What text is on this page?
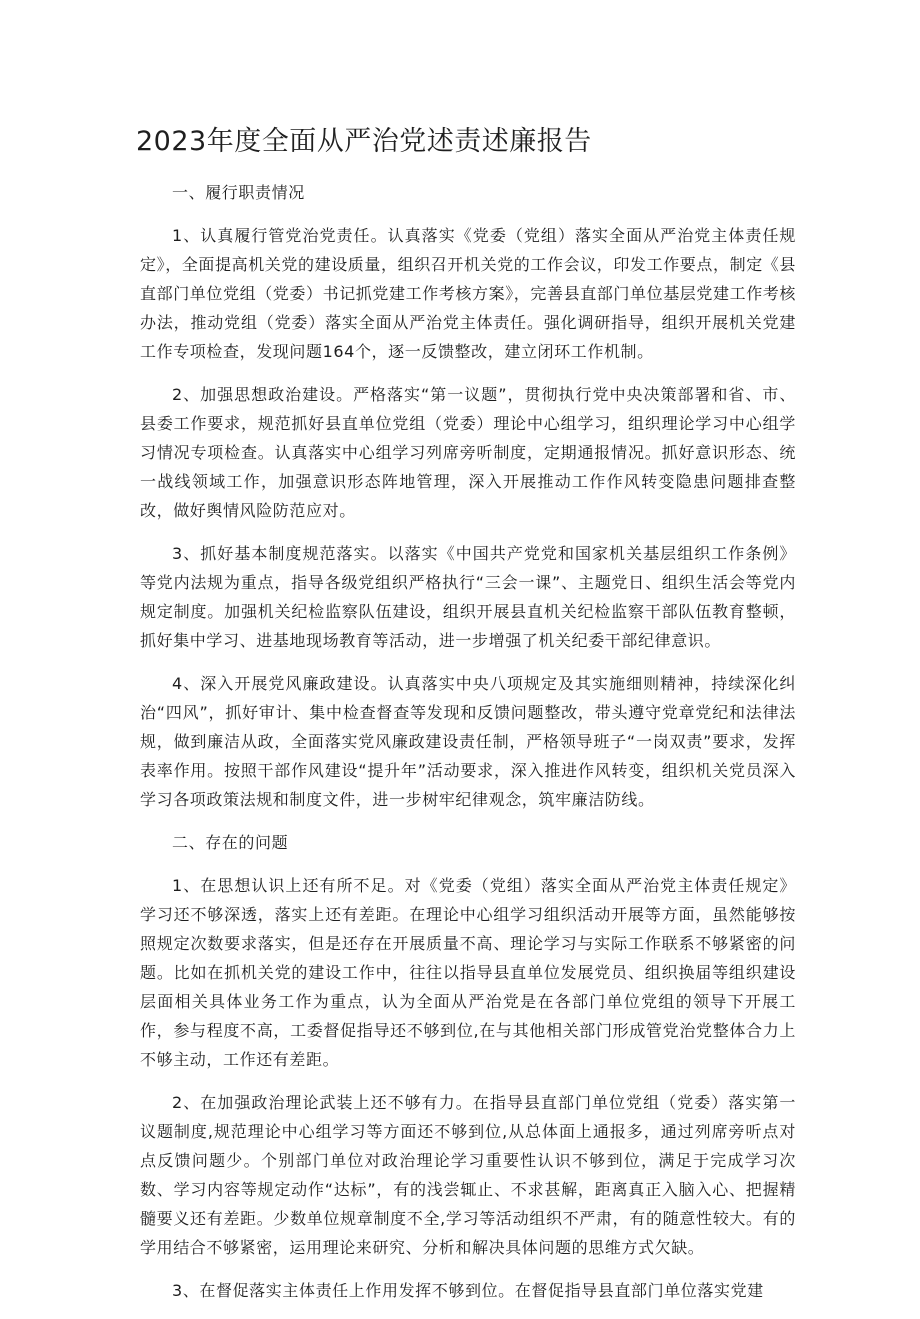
2023年度全面从严治党述责述廉报告

一、履行职责情况

1、认真履行管党治党责任。认真落实《党委（党组）落实全面从严治党主体责任规定》，全面提高机关党的建设质量，组织召开机关党的工作会议，印发工作要点，制定《县直部门单位党组（党委）书记抓党建工作考核方案》，完善县直部门单位基层党建工作考核办法，推动党组（党委）落实全面从严治党主体责任。强化调研指导，组织开展机关党建工作专项检查，发现问题164个，逐一反馈整改，建立闭环工作机制。

2、加强思想政治建设。严格落实“第一议题”，贯彻执行党中央决策部署和省、市、县委工作要求，规范抓好县直单位党组（党委）理论中心组学习，组织理论学习中心组学习情况专项检查。认真落实中心组学习列席旁听制度，定期通报情况。抓好意识形态、统一战线领域工作，加强意识形态阵地管理，深入开展推动工作作风转变隐患问题排查整改，做好舆情风险防范应对。

3、抓好基本制度规范落实。以落实《中国共产党党和国家机关基层组织工作条例》等党内法规为重点，指导各级党组织严格执行“三会一课”、主题党日、组织生活会等党内规定制度。加强机关纪检监察队伍建设，组织开展县直机关纪检监察干部队伍教育整顿，抓好集中学习、进基地现场教育等活动，进一步增强了机关纪委干部纪律意识。

4、深入开展党风廉政建设。认真落实中央八项规定及其实施细则精神，持续深化纠治“四风”，抓好审计、集中检查督查等发现和反馈问题整改，带头遵守党章党纪和法律法规，做到廉洁从政，全面落实党风廉政建设责任制，严格领导班子“一岗双责”要求，发挥表率作用。按照干部作风建设“提升年”活动要求，深入推进作风转变，组织机关党员深入学习各项政策法规和制度文件，进一步树牢纪律观念，筑牢廉洁防线。

二、存在的问题

1、在思想认识上还有所不足。对《党委（党组）落实全面从严治党主体责任规定》学习还不够深透，落实上还有差距。在理论中心组学习组织活动开展等方面，虽然能够按照规定次数要求落实，但是还存在开展质量不高、理论学习与实际工作联系不够紧密的问题。比如在抓机关党的建设工作中，往往以指导县直单位发展党员、组织换届等组织建设层面相关具体业务工作为重点，认为全面从严治党是在各部门单位党组的领导下开展工作，参与程度不高，工委督促指导还不够到位,在与其他相关部门形成管党治党整体合力上不够主动，工作还有差距。

2、在加强政治理论武装上还不够有力。在指导县直部门单位党组（党委）落实第一议题制度,规范理论中心组学习等方面还不够到位,从总体面上通报多，通过列席旁听点对点反馈问题少。个别部门单位对政治理论学习重要性认识不够到位，满足于完成学习次数、学习内容等规定动作“达标”，有的浅尝辄止、不求甚解，距离真正入脑入心、把握精髓要义还有差距。少数单位规章制度不全,学习等活动组织不严肃，有的随意性较大。有的学用结合不够紧密，运用理论来研究、分析和解决具体问题的思维方式欠缺。

3、在督促落实主体责任上作用发挥不够到位。在督促指导县直部门单位落实党建
